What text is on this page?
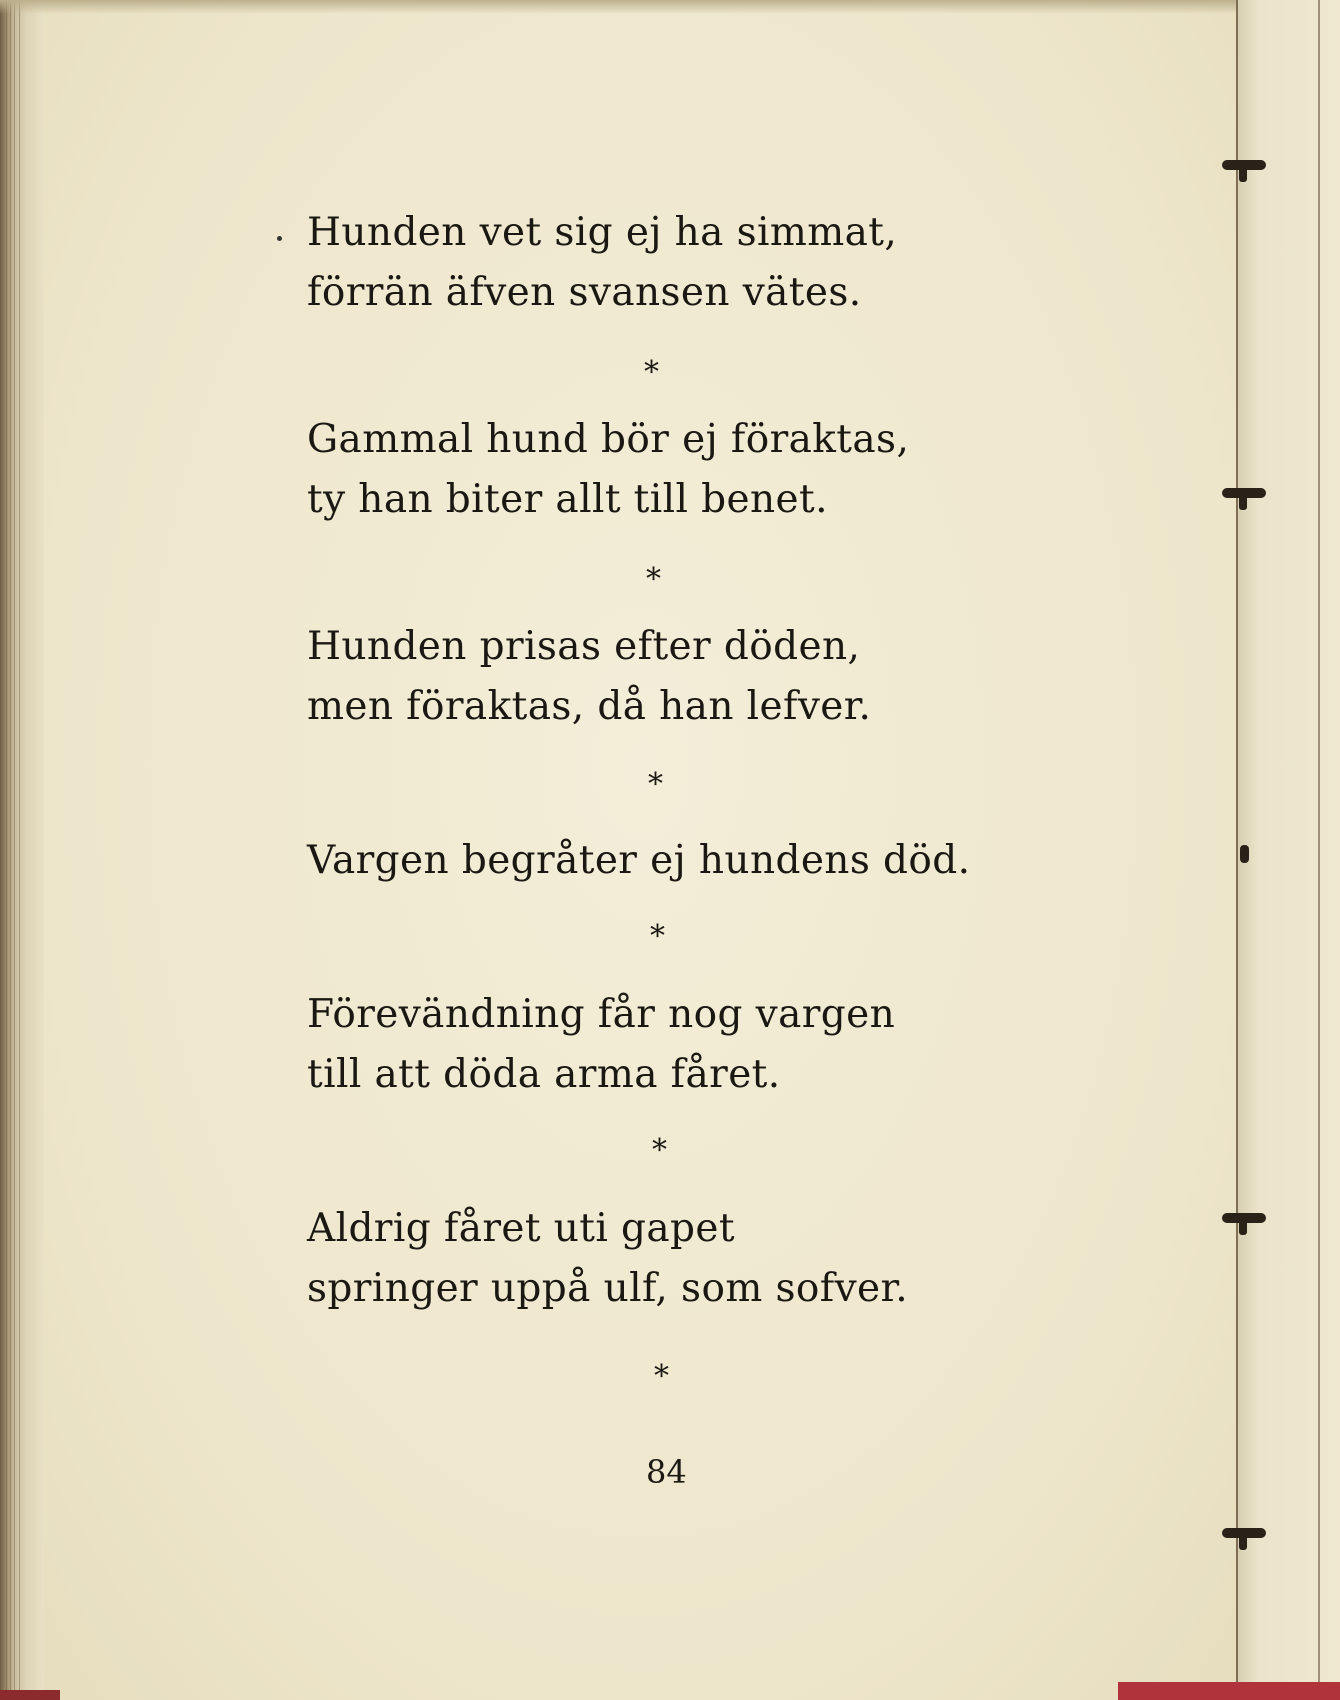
Hunden vet sig ej ha simmat,

förrän äfven svansen vätes.

*

Gammal hund bör ej föraktas,

ty han biter allt till benet.

*

Hunden prisas efter döden,

men föraktas, då han lefver.

*

Vargen begråter ej hundens död.

*

Förevändning får nog vargen

till att döda arma fåret.

*

Aldrig fåret uti gapet

springer uppå ulf, som sofver.

*

84
